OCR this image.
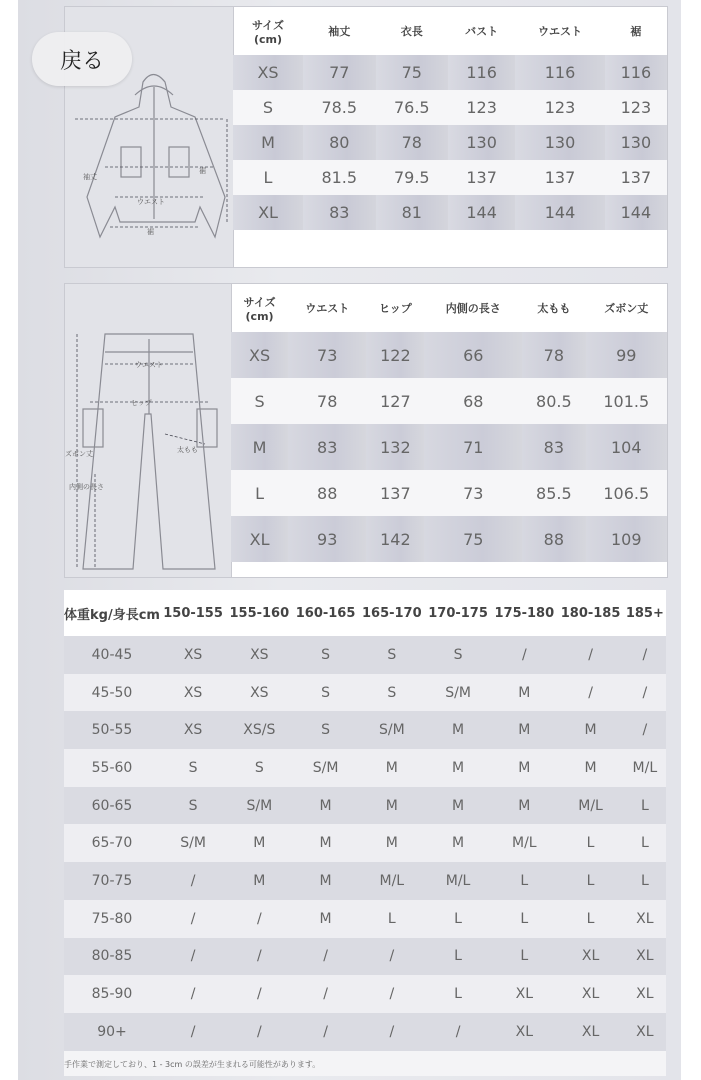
袖丈
裾
ウエスト
裾
サイズ
(cm)	袖丈	衣長	バスト	ウエスト	裾
XS	77	75	116	116	116
S	78.5	76.5	123	123	123
M	80	78	130	130	130
L	81.5	79.5	137	137	137
XL	83	81	144	144	144
ウエスト
ヒップ
ズボン丈	太もも
内側の長さ
サイズ
(cm)	ウエスト	ヒップ	内側の長さ	太もも	ズボン丈
XS	73	122	66	78	99
S	78	127	68	80.5	101.5
M	83	132	71	83	104
L	88	137	73	85.5	106.5
XL	93	142	75	88	109
体重kg/身長cm	150-155	155-160	160-165	165-170	170-175	175-180	180-185	185+
40-45	XS	XS	S	S	S	/	/	/
45-50	XS	XS	S	S	S/M	M	/	/
50-55	XS	XS/S	S	S/M	M	M	M	/
55-60	S	S	S/M	M	M	M	M	M/L
60-65	S	S/M	M	M	M	M	M/L	L
65-70	S/M	M	M	M	M	M/L	L	L
70-75	/	M	M	M/L	M/L	L	L	L
75-80	/	/	M	L	L	L	L	XL
80-85	/	/	/	/	L	L	XL	XL
85-90	/	/	/	/	L	XL	XL	XL
90+	/	/	/	/	/	XL	XL	XL
手作業で測定しており、1 - 3cm の誤差が生まれる可能性があります。
戻る
